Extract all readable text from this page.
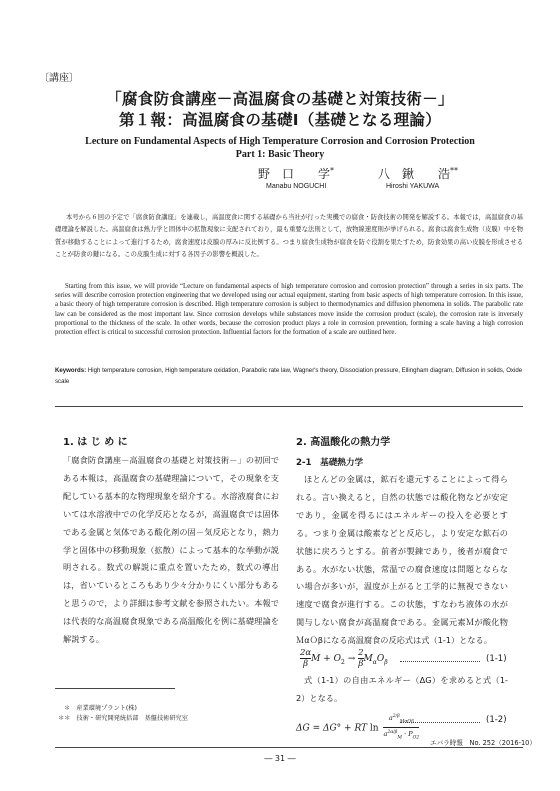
〔講座〕
「腐食防食講座－高温腐食の基礎と対策技術－」
第１報：高温腐食の基礎Ⅰ（基礎となる理論）
Lecture on Fundamental Aspects of High Temperature Corrosion and Corrosion Protection
Part 1: Basic Theory
野　口　　学*	八　鍬　　浩**
Manabu NOGUCHI	Hiroshi YAKUWA
本号から６回の予定で「腐食防食講座」を連載し，高温度食に関する基礎から当社が行った実機での腐食・防食技術の開発を解説する。本報では，高温腐食の基礎理論を解説した。高温腐食は熱力学と固体中の拡散現象に支配されており，最も重要な法則として，放物線速度則が挙げられる。腐食は腐食生成物（皮膜）中を物質が移動することによって進行するため，腐食速度は皮膜の厚みに反比例する。つまり腐食生成物が腐食を防ぐ役割を果たすため，防食効果の高い皮膜を形成させることが防食の鍵になる。この皮膜生成に対する各因子の影響を概説した。
Starting from this issue, we will provide “Lecture on fundamental aspects of high temperature corrosion and corrosion protection” through a series in six parts. The series will describe corrosion protection engineering that we developed using our actual equipment, starting from basic aspects of high temperature corrosion. In this issue, a basic theory of high temperature corrosion is described. High temperature corrosion is subject to thermodynamics and diffusion phenomena in solids. The parabolic rate law can be considered as the most important law. Since corrosion develops while substances move inside the corrosion product (scale), the corrosion rate is inversely proportional to the thickness of the scale. In other words, because the corrosion product plays a role in corrosion prevention, forming a scale having a high corrosion protection effect is critical to successful corrosion protection. Influential factors for the formation of a scale are outlined here.
Keywords: High temperature corrosion, High temperature oxidation, Parabolic rate law, Wagner's theory, Dissociation pressure, Ellingham diagram, Diffusion in solids, Oxide scale
1. は じ め に
「腐食防食講座－高温腐食の基礎と対策技術－」の初回である本報は，高温腐食の基礎理論について，その現象を支配している基本的な物理現象を紹介する。水溶液腐食においては水溶液中での化学反応となるが，高温腐食では固体である金属と気体である酸化剤の固－気反応となり，熱力学と固体中の移動現象（拡散）によって基本的な挙動が説明される。数式の解説に重点を置いたため，数式の導出は，省いているところもあり少々分かりにくい部分もあると思うので，より詳細は参考文献を参照されたい。本報では代表的な高温腐食現象である高温酸化を例に基礎理論を解説する。
2. 高温酸化の熱力学
2-1　基礎熱力学
ほとんどの金属は，鉱石を還元することによって得られる。言い換えると，自然の状態では酸化物などが安定であり，金属を得るにはエネルギーの投入を必要とする。つまり金属は酸素などと反応し，より安定な鉱石の状態に戻ろうとする。前者が製錬であり，後者が腐食である。水がない状態，常温での腐食速度は問題とならない場合が多いが，温度が上がると工学的に無視できない速度で腐食が進行する。この状態，すなわち液体の水が関与しない腐食が高温腐食である。金属元素Ｍが酸化物ＭαＯβになる高温腐食の反応式は式（1-1）となる。
$\frac{2\alpha}{\beta}$ $M + O_2 \to \frac{2}{\beta} M_\alpha O_\beta$	(1-1)
式（1-1）の自由エネルギー（ΔG）を求めると式（1-2）となる。
ΔG = ΔG° + RT $\ln \frac{a^{2/\beta}_{M\alpha O\beta}}{a^{2\alpha/\beta}_M \cdot P_{O2}}$	(1-2)
＊　産業環境プラント(株)
＊＊　技術・研究開発統括部　基盤技術研究室
エバラ時報　No. 252（2016-10）
― 31 ―
